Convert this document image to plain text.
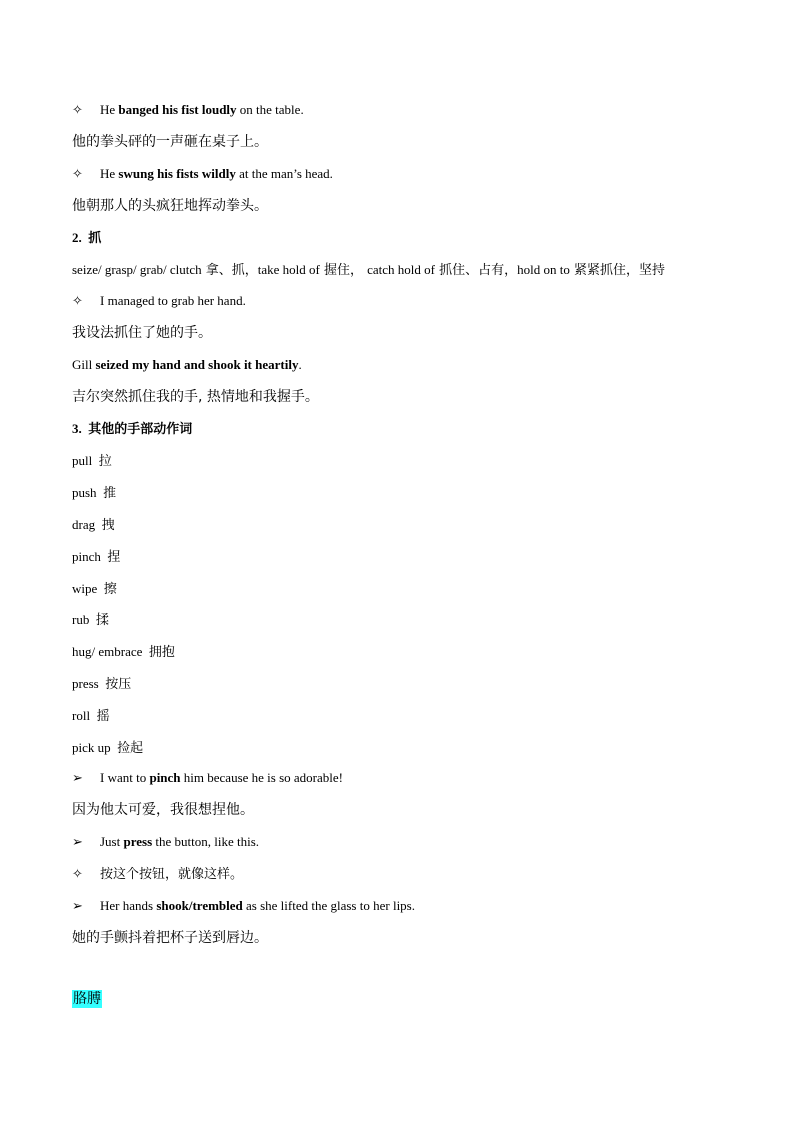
✧ He banged his fist loudly on the table.
他的拳头砰的一声砸在桌子上。
✧ He swung his fists wildly at the man’s head.
他朝那人的头疯狂地挥动拳头。
2. 抓
seize/ grasp/ grab/ clutch 拿、抓，take hold of 握住， catch hold of 抓住、占有，hold on to 紧紧抓住，坚持
✧ I managed to grab her hand.
我设法抓住了她的手。
Gill seized my hand and shook it heartily.
吉尔突然抓住我的手, 热情地和我握手。
3. 其他的手部动作词
pull 拉
push 推
drag 拽
pinch 捏
wipe 擦
rub 揉
hug/ embrace 拥抱
press 按压
roll 摇
pick up 捡起
➢ I want to pinch him because he is so adorable!
因为他太可爱，我很想捏他。
➢ Just press the button, like this.
✧ 按这个按钮，就像这样。
➢ Her hands shook/trembled as she lifted the glass to her lips.
她的手颤抖着把杯子送到唇边。
胳膊
